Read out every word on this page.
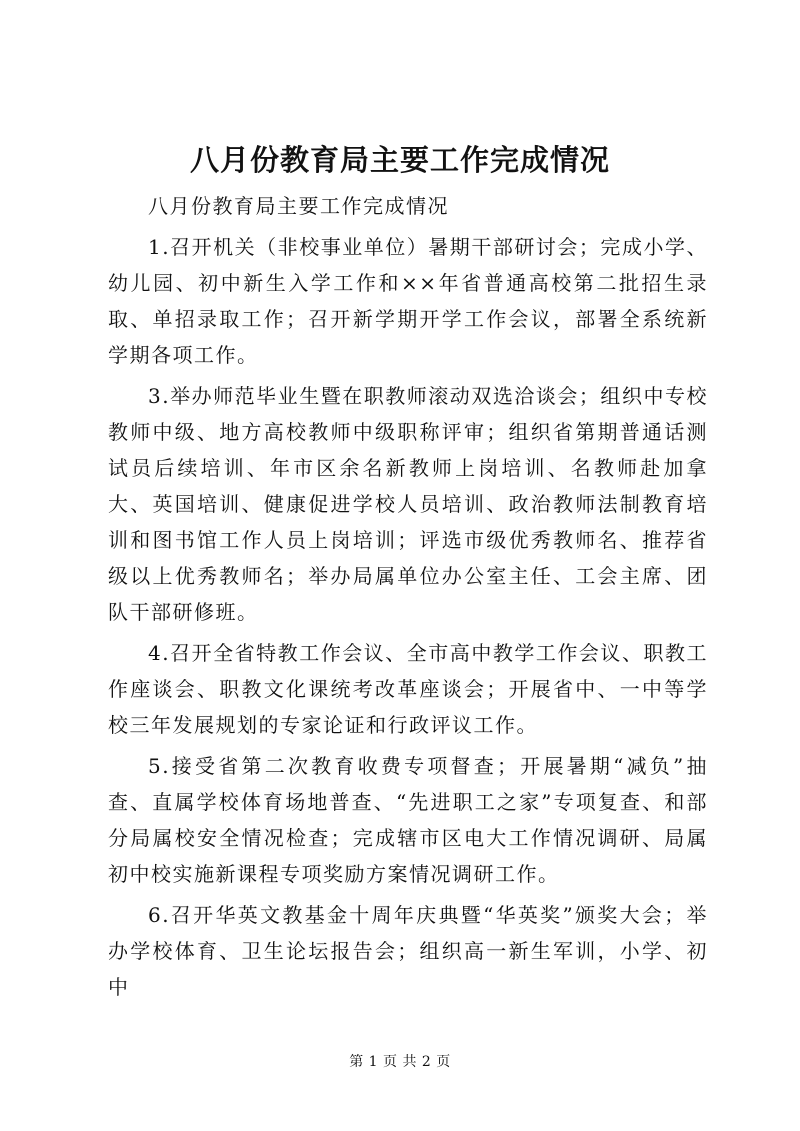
八月份教育局主要工作完成情况

八月份教育局主要工作完成情况

1.召开机关（非校事业单位）暑期干部研讨会；完成小学、幼儿园、初中新生入学工作和××年省普通高校第二批招生录取、单招录取工作；召开新学期开学工作会议，部署全系统新学期各项工作。

3.举办师范毕业生暨在职教师滚动双选洽谈会；组织中专校教师中级、地方高校教师中级职称评审；组织省第期普通话测试员后续培训、年市区余名新教师上岗培训、名教师赴加拿大、英国培训、健康促进学校人员培训、政治教师法制教育培训和图书馆工作人员上岗培训；评选市级优秀教师名、推荐省级以上优秀教师名；举办局属单位办公室主任、工会主席、团队干部研修班。

4.召开全省特教工作会议、全市高中教学工作会议、职教工作座谈会、职教文化课统考改革座谈会；开展省中、一中等学校三年发展规划的专家论证和行政评议工作。

5.接受省第二次教育收费专项督查；开展暑期“减负”抽查、直属学校体育场地普查、“先进职工之家”专项复查、和部分局属校安全情况检查；完成辖市区电大工作情况调研、局属初中校实施新课程专项奖励方案情况调研工作。

6.召开华英文教基金十周年庆典暨“华英奖”颁奖大会；举办学校体育、卫生论坛报告会；组织高一新生军训，小学、初中

第 1 页 共 2 页
